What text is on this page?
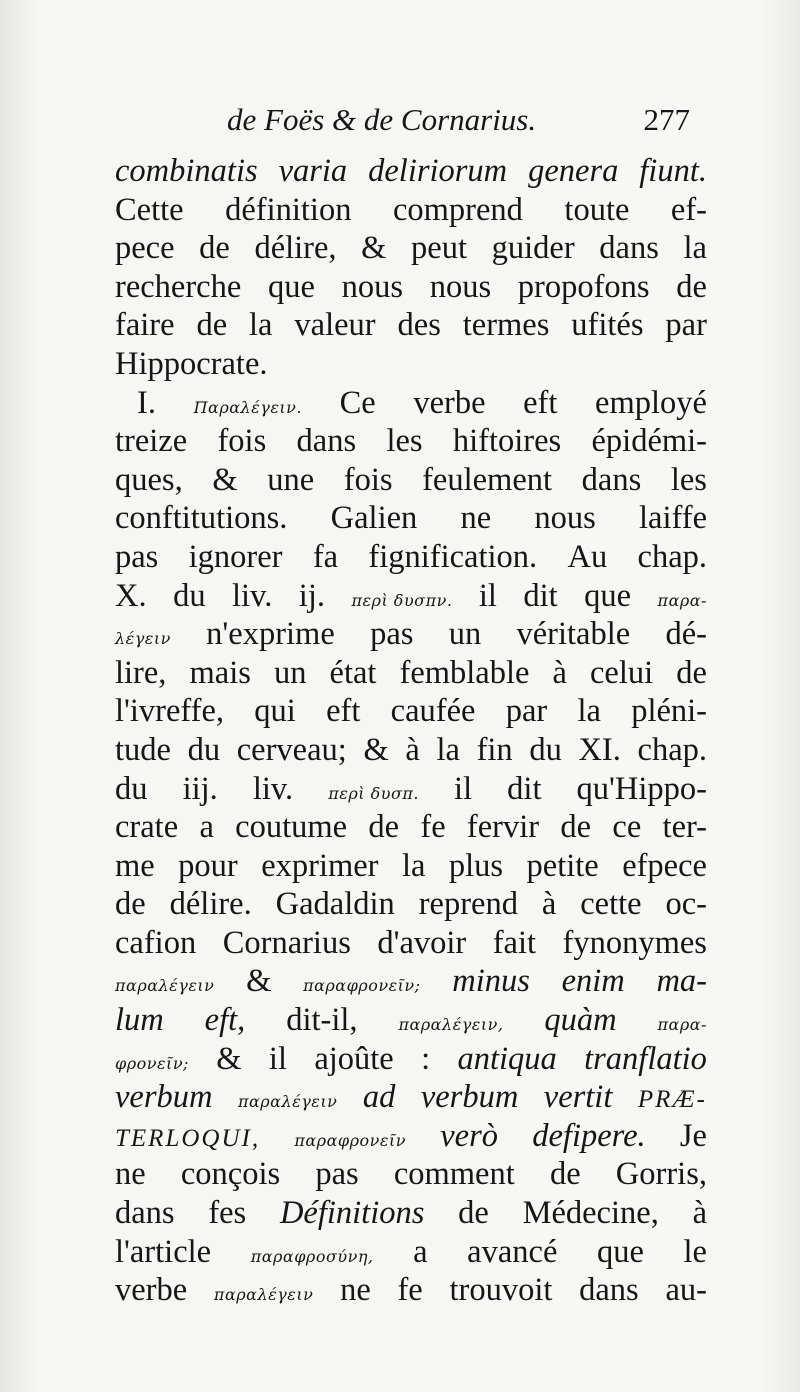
de Foës & de Cornarius.	277
combinatis varia deliriorum genera fiunt.
Cette définition comprend toute ef-
pece de délire, & peut guider dans la
recherche que nous nous propofons de
faire de la valeur des termes ufités par
Hippocrate.
I. Παραλέγειν. Ce verbe eft employé
treize fois dans les hiftoires épidémi-
ques, & une fois feulement dans les
conftitutions. Galien ne nous laiffe
pas ignorer fa fignification. Au chap.
X. du liv. ij. περὶ δυσπν. il dit que παρα-
λέγειν n'exprime pas un véritable dé-
lire, mais un état femblable à celui de
l'ivreffe, qui eft caufée par la pléni-
tude du cerveau; & à la fin du XI. chap.
du iij. liv. περὶ δυσπ. il dit qu'Hippo-
crate a coutume de fe fervir de ce ter-
me pour exprimer la plus petite efpece
de délire. Gadaldin reprend à cette oc-
cafion Cornarius d'avoir fait fynonymes
παραλέγειν & παραφρονεῖν; minus enim ma-
lum eft, dit-il,	παραλέγειν, quàm	παρα-
φρονεῖν; & il ajoûte : antiqua tranflatio
verbum παραλέγειν ad verbum vertit PRÆ-
TERLOQUI, παραφρονεῖν verò defipere. Je
ne conçois pas comment de Gorris,
dans fes Définitions de Médecine, à
l'article παραφροσύνη, a avancé que le
verbe παραλέγειν ne fe trouvoit dans au-
